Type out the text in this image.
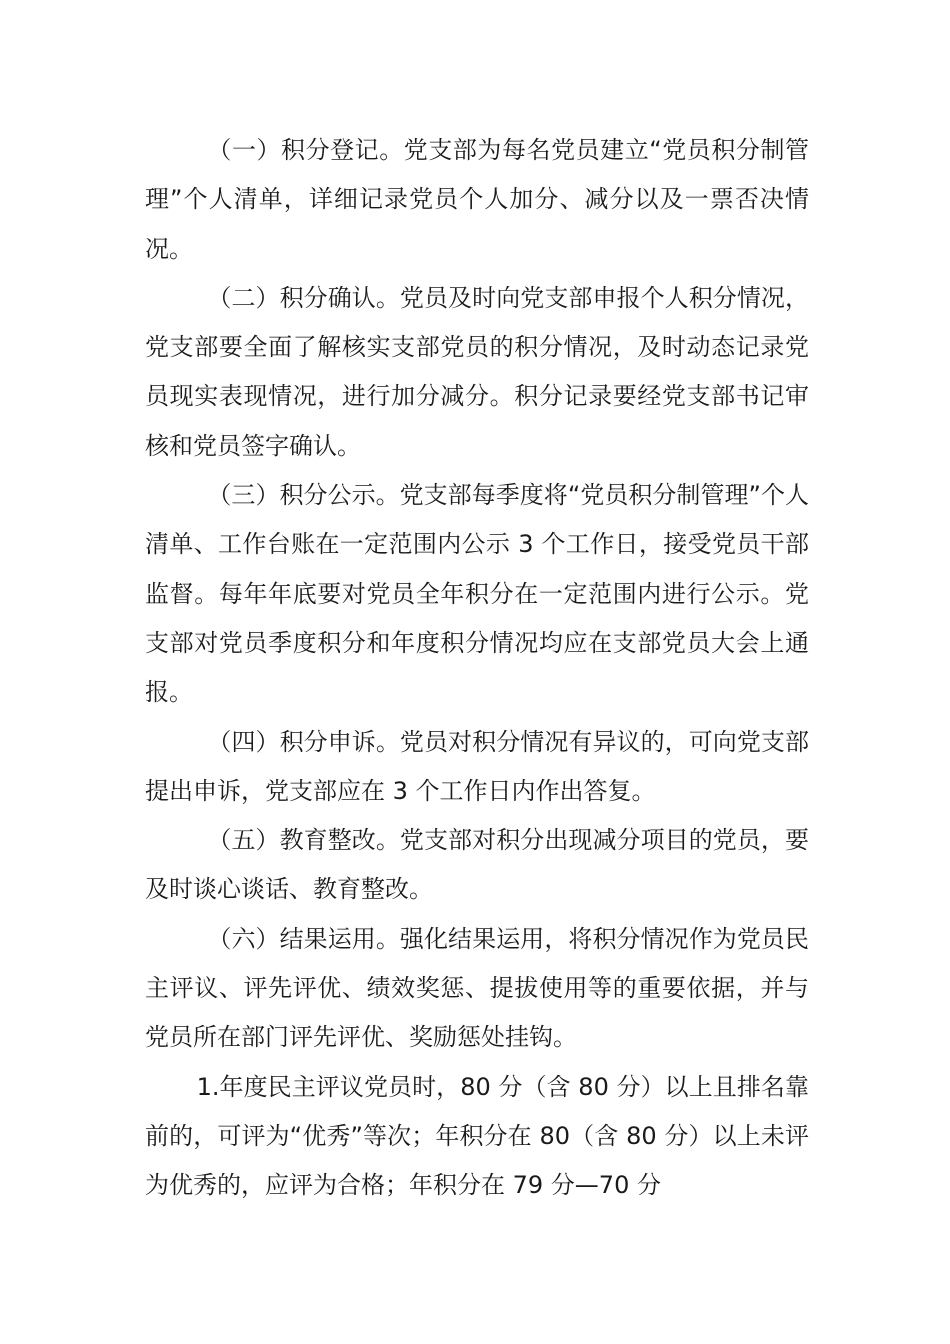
（一）积分登记。党支部为每名党员建立“党员积分制管理”个人清单，详细记录党员个人加分、减分以及一票否决情况。

（二）积分确认。党员及时向党支部申报个人积分情况，党支部要全面了解核实支部党员的积分情况，及时动态记录党员现实表现情况，进行加分减分。积分记录要经党支部书记审核和党员签字确认。

（三）积分公示。党支部每季度将“党员积分制管理”个人清单、工作台账在一定范围内公示 3 个工作日，接受党员干部监督。每年年底要对党员全年积分在一定范围内进行公示。党支部对党员季度积分和年度积分情况均应在支部党员大会上通报。

（四）积分申诉。党员对积分情况有异议的，可向党支部提出申诉，党支部应在 3 个工作日内作出答复。

（五）教育整改。党支部对积分出现减分项目的党员，要及时谈心谈话、教育整改。

（六）结果运用。强化结果运用，将积分情况作为党员民主评议、评先评优、绩效奖惩、提拔使用等的重要依据，并与党员所在部门评先评优、奖励惩处挂钩。

1.年度民主评议党员时，80 分（含 80 分）以上且排名靠前的，可评为“优秀”等次；年积分在 80（含 80 分）以上未评为优秀的，应评为合格；年积分在 79 分—70 分
